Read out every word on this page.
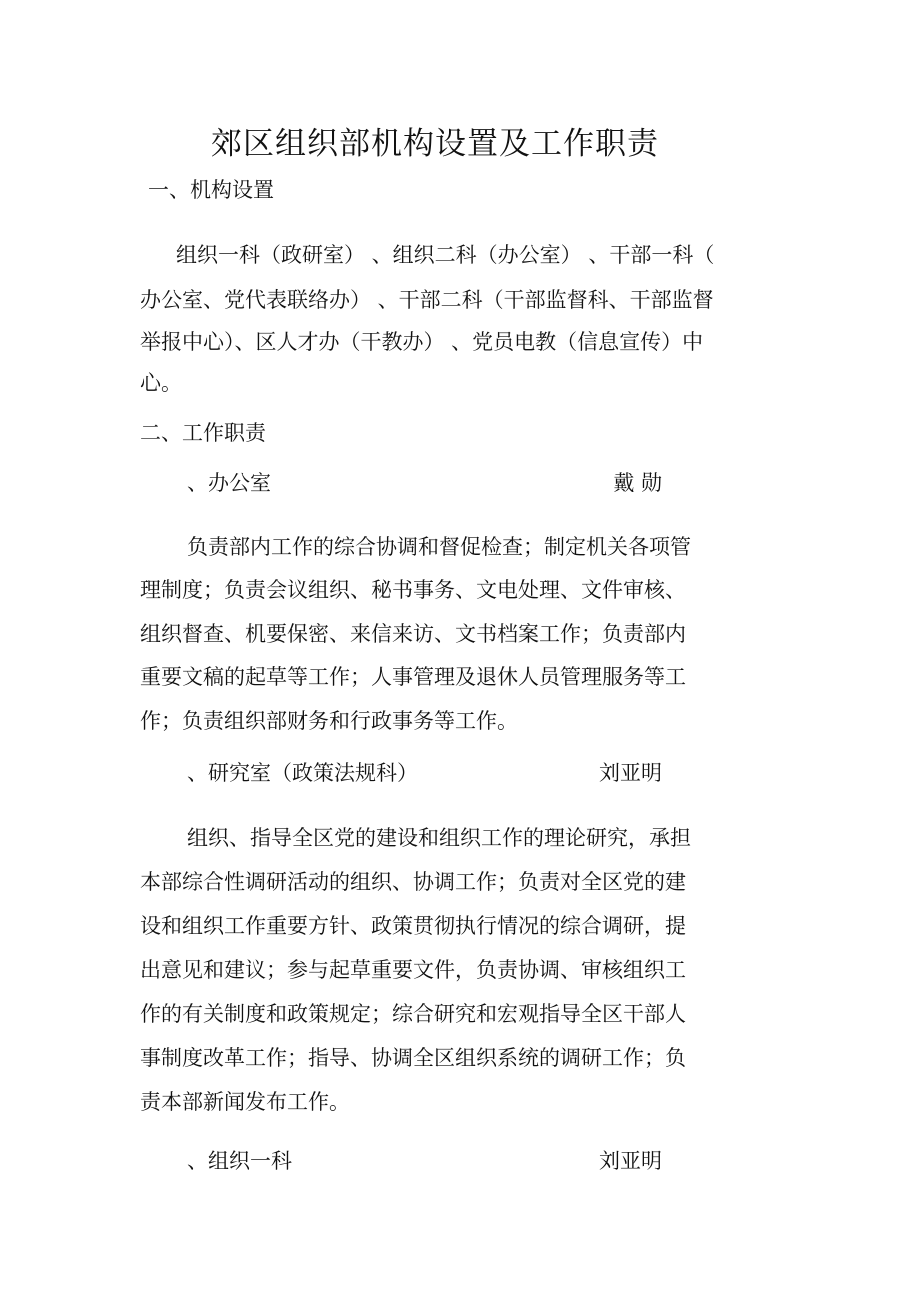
郊区组织部机构设置及工作职责
一、机构设置
组织一科（政研室） 、组织二科（办公室） 、干部一科（
办公室、党代表联络办） 、干部二科（干部监督科、干部监督
举报中心）、区人才办（干教办） 、党员电教（信息宣传）中
心。
二、工作职责
、办公室	戴 勋
负责部内工作的综合协调和督促检查；制定机关各项管
理制度；负责会议组织、秘书事务、文电处理、文件审核、
组织督查、机要保密、来信来访、文书档案工作；负责部内
重要文稿的起草等工作；人事管理及退休人员管理服务等工
作；负责组织部财务和行政事务等工作。
、研究室（政策法规科）	刘亚明
组织、指导全区党的建设和组织工作的理论研究，承担
本部综合性调研活动的组织、协调工作；负责对全区党的建
设和组织工作重要方针、政策贯彻执行情况的综合调研，提
出意见和建议；参与起草重要文件，负责协调、审核组织工
作的有关制度和政策规定；综合研究和宏观指导全区干部人
事制度改革工作；指导、协调全区组织系统的调研工作；负
责本部新闻发布工作。
、组织一科	刘亚明
